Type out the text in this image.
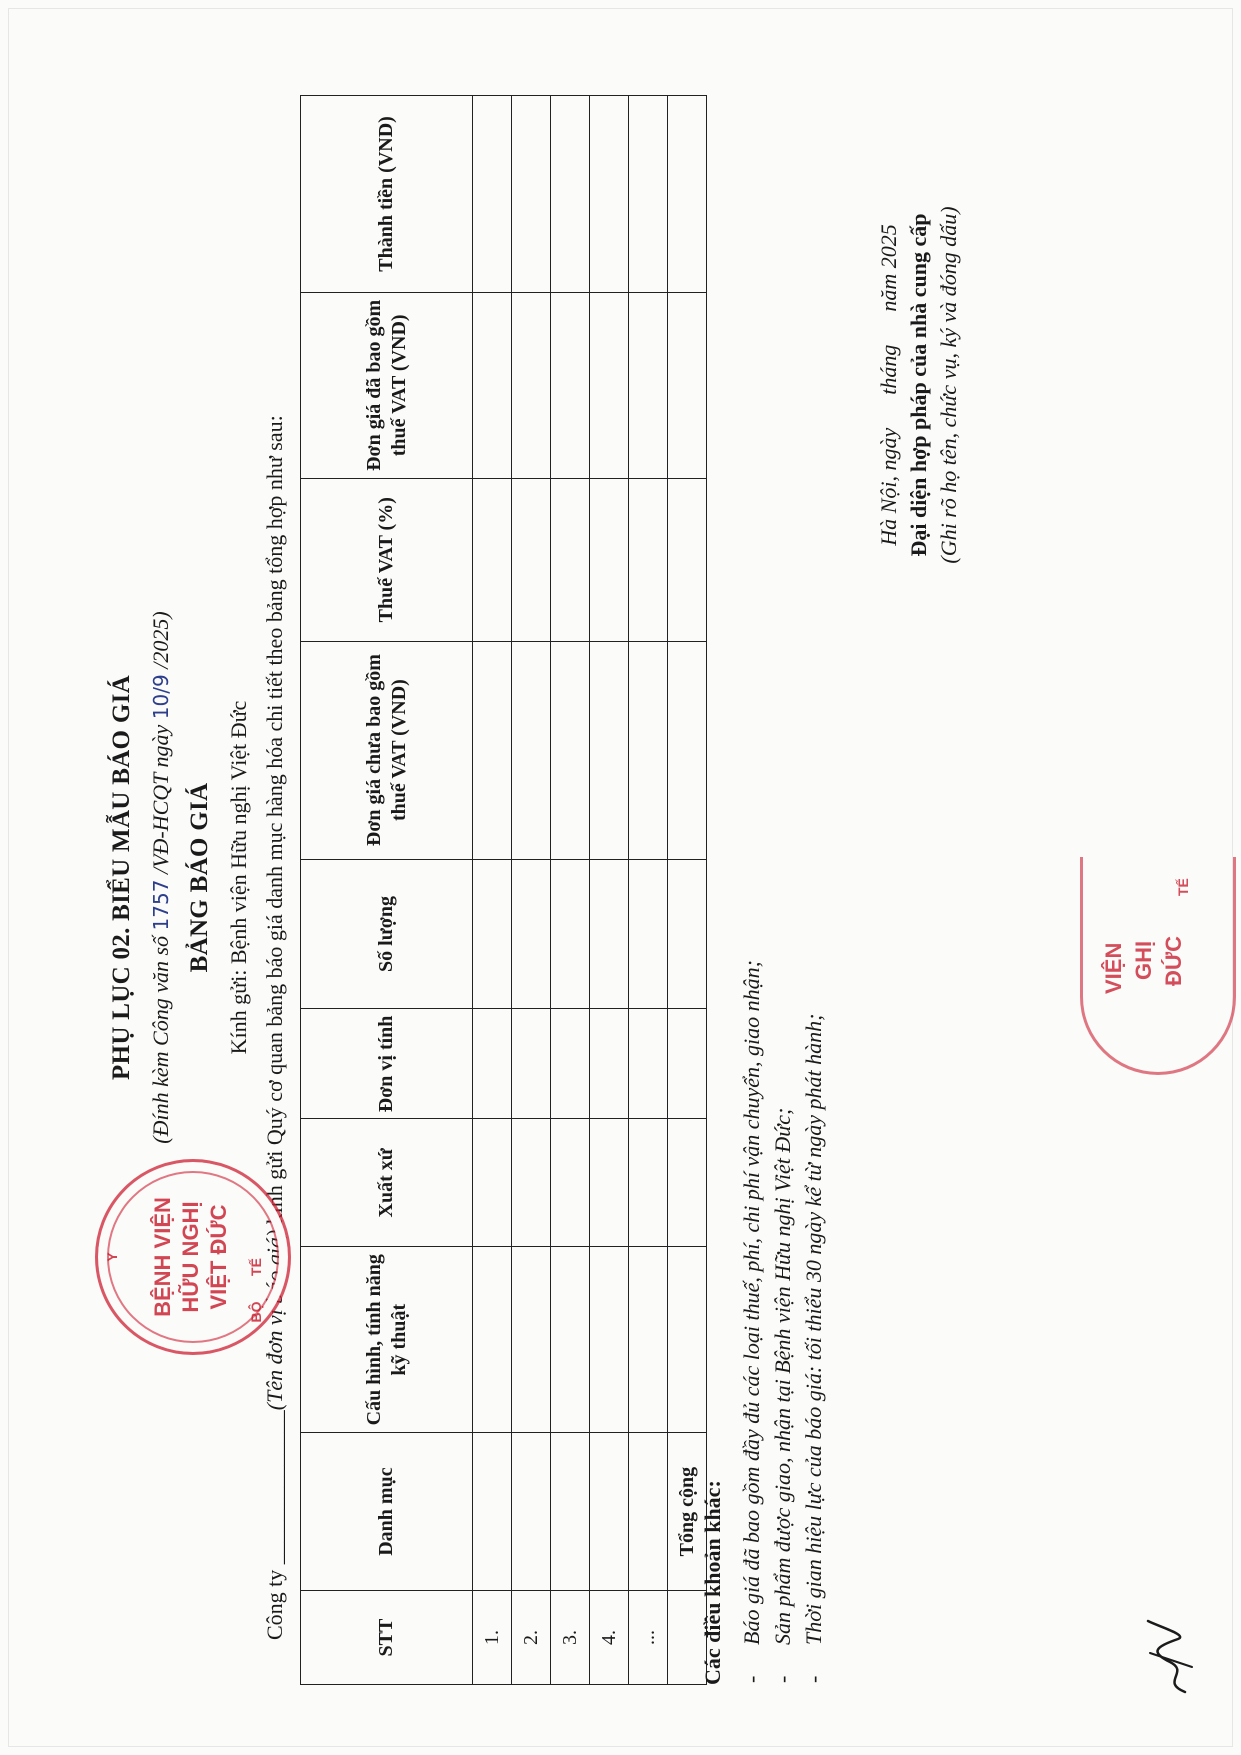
PHỤ LỤC 02. BIỂU MẪU BÁO GIÁ (Đính kèm Công văn số 1757 /VĐ-HCQT ngày 10/9 /2025)
BẢNG BÁO GIÁ Kính gửi: Bệnh viện Hữu nghị Việt Đức
Công ty ______________(Tên đơn vị báo giá) kính gửi Quý cơ quan bảng báo giá danh mục hàng hóa chi tiết theo bảng tổng hợp như sau:
STT	Danh mục	Cấu hình, tính năng kỹ thuật	Xuất xứ	Đơn vị tính	Số lượng	Đơn giá chưa bao gồm thuế VAT (VND)	Thuế VAT (%)	Đơn giá đã bao gồm thuế VAT (VND)	Thành tiền (VND)
1.									
2.									
3.									
4.									
...									
	Tổng cộng								Các điều khoản khác: - Báo giá đã bao gồm đầy đủ các loại thuế, phí, chi phí vận chuyển, giao nhận; - Sản phẩm được giao, nhận tại Bệnh viện Hữu nghị Việt Đức; - Thời gian hiệu lực của báo giá: tối thiểu 30 ngày kể từ ngày phát hành;
Hà Nội, ngày      tháng      năm 2025 Đại diện hợp pháp của nhà cung cấp (Ghi rõ họ tên, chức vụ, ký và đóng dấu)
Y BỆNH VIỆN HỮU NGHỊ VIỆT ĐỨC TẾ
BỘ
VIỆN GHỊ ĐỨC
TẾ
